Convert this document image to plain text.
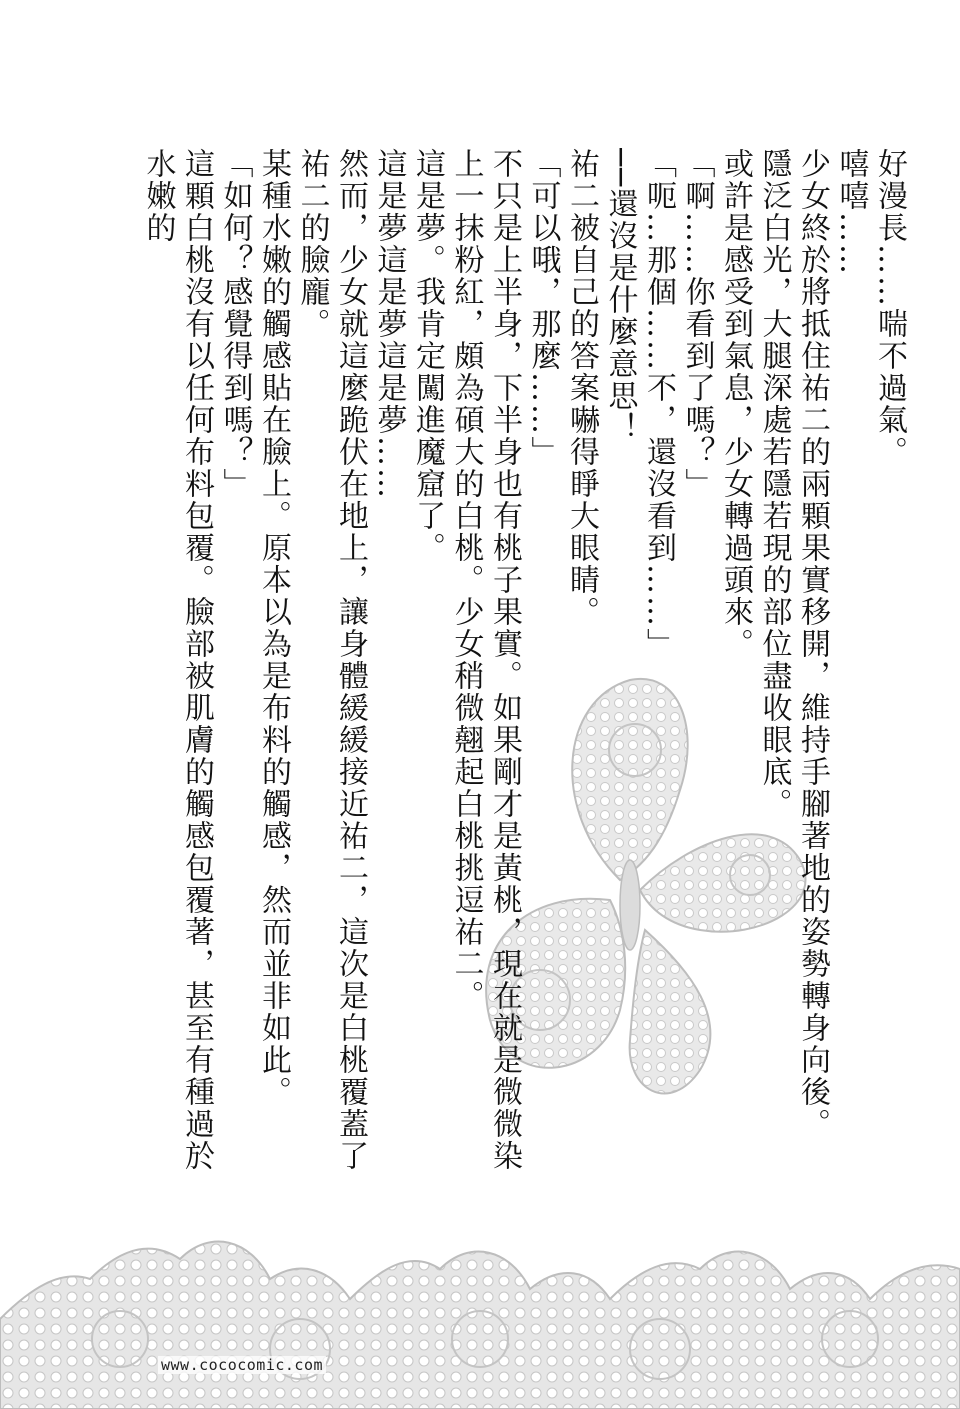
好漫長……喘不過氣。

嘻嘻……

少女終於將抵住祐二的兩顆果實移開，維持手腳著地的姿勢轉身向後。

隱泛白光，大腿深處若隱若現的部位盡收眼底。

或許是感受到氣息，少女轉過頭來。

「啊……你看到了嗎？」

「呃…那個……不，還沒看到……」

──還沒是什麼意思！

祐二被自己的答案嚇得睜大眼睛。

「可以哦，那麼……」

不只是上半身，下半身也有桃子果實。如果剛才是黃桃，現在就是微微染上一抹粉紅，頗為碩大的白桃。少女稍微翹起白桃挑逗祐二。

這是夢。我肯定闖進魔窟了。

這是夢這是夢這是夢……

然而，少女就這麼跪伏在地上，讓身體緩緩接近祐二，這次是白桃覆蓋了祐二的臉龐。

某種水嫩的觸感貼在臉上。原本以為是布料的觸感，然而並非如此。

「如何？感覺得到嗎？」

這顆白桃沒有以任何布料包覆。臉部被肌膚的觸感包覆著，甚至有種過於水嫩的

www.cococomic.com
